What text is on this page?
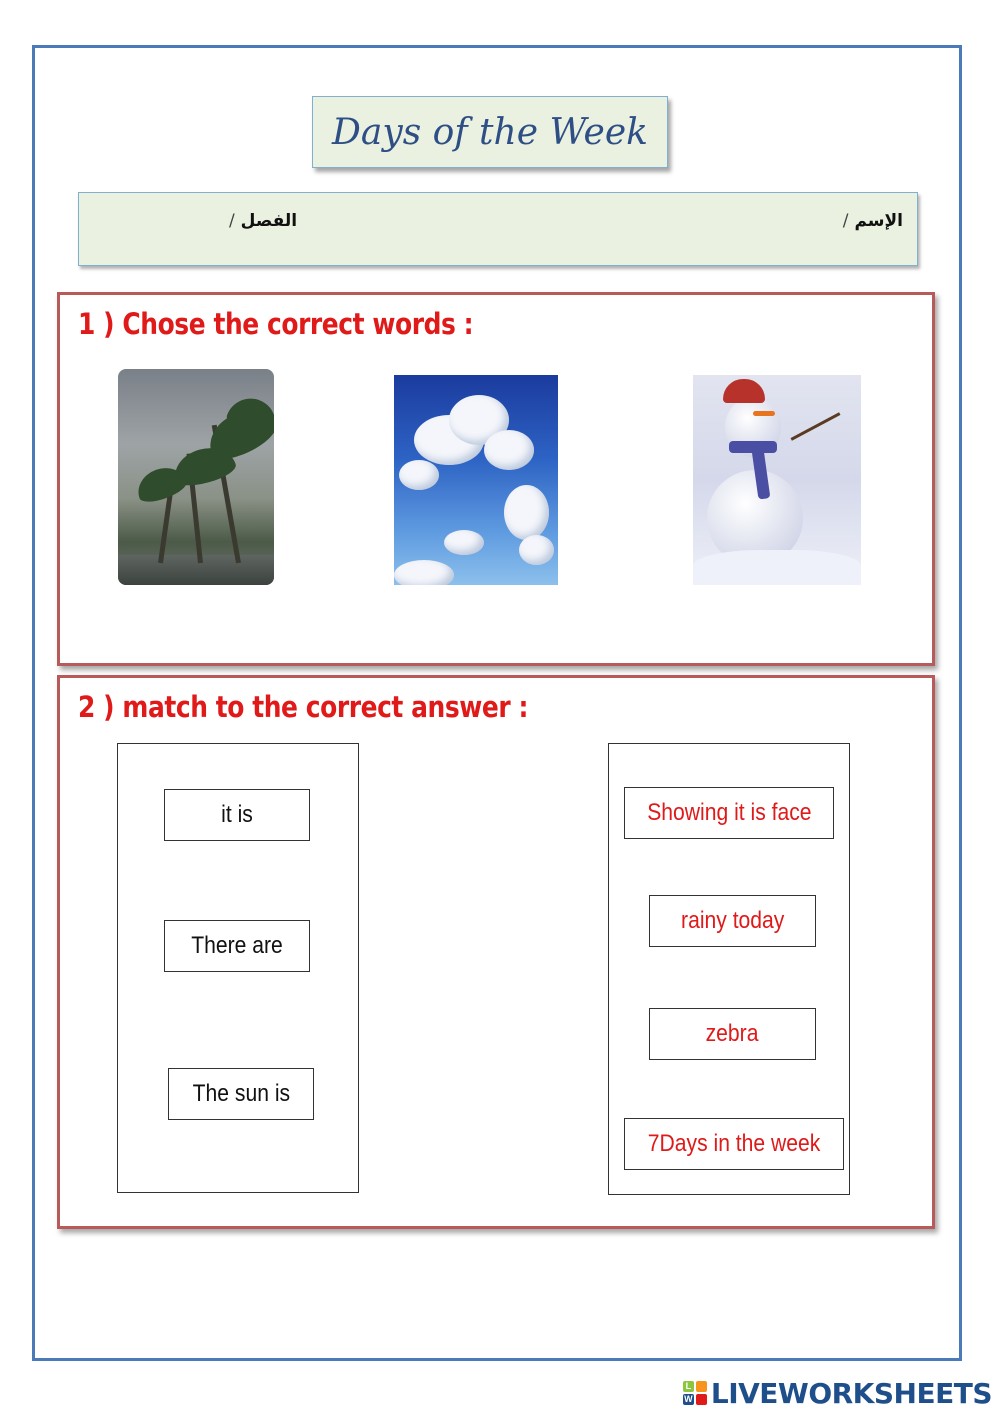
Days of the Week
الإسم /
الفصل /
1 ) Chose the correct words :
2 ) match to the correct answer :
it is
There are
The sun is
Showing it is face
rainy today
zebra
7Days in the week
L
W LIVEWORKSHEETS
